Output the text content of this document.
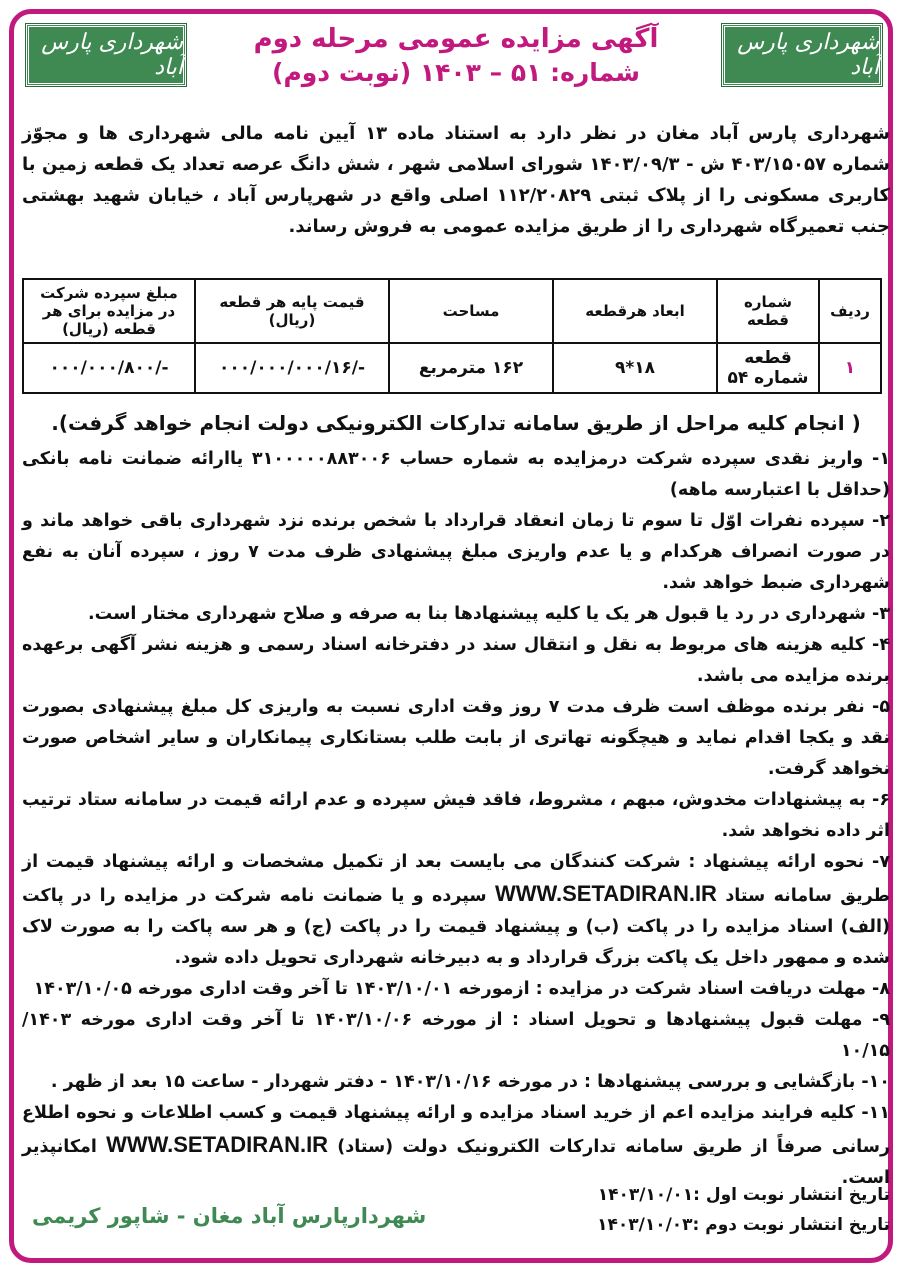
شهرداری پارس آباد
شهرداری پارس آباد
آگهی مزایده عمومی مرحله دوم
شماره: ۵۱ – ۱۴۰۳ (نوبت دوم)
شهرداری پارس آباد مغان در نظر دارد به استناد ماده ۱۳ آیین نامه مالی شهرداری ها و مجوّز شماره ۴۰۳/۱۵۰۵۷ ش - ۱۴۰۳/۰۹/۳ شورای اسلامی شهر ، شش دانگ عرصه تعداد یک قطعه زمین با کاربری مسکونی را از پلاک ثبتی ۱۱۲/۲۰۸۲۹ اصلی واقع در شهرپارس آباد ، خیابان شهید بهشتی جنب تعمیرگاه شهرداری را از طریق مزایده عمومی به فروش رساند.
ردیف	شماره قطعه	ابعاد هرقطعه	مساحت	قیمت پایه هر قطعه (ریال)	مبلغ سپرده شرکت در مزایده برای هر قطعه (ریال)
۱	قطعه شماره ۵۴	۱۸*۹	۱۶۲ مترمربع	-/۰۰۰/۰۰۰/۰۰۰/۱۶	-/۰۰۰/۰۰۰/۸۰۰
( انجام کلیه مراحل از طریق سامانه تدارکات الکترونیکی دولت انجام خواهد گرفت).

۱- واریز نقدی سپرده شرکت درمزایده به شماره حساب ۳۱۰۰۰۰۰۸۸۳۰۰۶ یاارائه ضمانت نامه بانکی (حداقل با اعتبارسه ماهه)

۲- سپرده نفرات اوّل تا سوم تا زمان انعقاد قرارداد با شخص برنده نزد شهرداری باقی خواهد ماند و در صورت انصراف هرکدام و یا عدم واریزی مبلغ پیشنهادی ظرف مدت ۷ روز ، سپرده آنان به نفع شهرداری ضبط خواهد شد.

۳- شهرداری در رد یا قبول هر یک یا کلیه پیشنهادها بنا به صرفه و صلاح شهرداری مختار است.

۴- کلیه هزینه های مربوط به نقل و انتقال سند در دفترخانه اسناد رسمی و هزینه نشر آگهی برعهده برنده مزایده می باشد.

۵- نفر برنده موظف است ظرف مدت ۷ روز وقت اداری نسبت به واریزی کل مبلغ پیشنهادی بصورت نقد و یکجا اقدام نماید و هیچگونه تهاتری از بابت طلب بستانکاری پیمانکاران و سایر اشخاص صورت نخواهد گرفت.

۶- به پیشنهادات مخدوش، مبهم ، مشروط، فاقد فیش سپرده و عدم ارائه قیمت در سامانه ستاد ترتیب اثر داده نخواهد شد.

۷- نحوه ارائه پیشنهاد : شرکت کنندگان می بایست بعد از تکمیل مشخصات و ارائه پیشنهاد قیمت از طریق سامانه ستاد WWW.SETADIRAN.IR سپرده و یا ضمانت نامه شرکت در مزایده را در پاکت (الف) اسناد مزایده را در پاکت (ب) و پیشنهاد قیمت را در پاکت (ج) و هر سه پاکت را به صورت لاک شده و ممهور داخل یک پاکت بزرگ قرارداد و به دبیرخانه شهرداری تحویل داده شود.

۸- مهلت دریافت اسناد شرکت در مزایده : ازمورخه ۱۴۰۳/۱۰/۰۱ تا آخر وقت اداری مورخه ۱۴۰۳/۱۰/۰۵

۹- مهلت قبول پیشنهادها و تحویل اسناد : از مورخه ۱۴۰۳/۱۰/۰۶ تا آخر وقت اداری مورخه ۱۴۰۳/ ۱۰/۱۵

۱۰- بازگشایی و بررسی پیشنهادها : در مورخه ۱۴۰۳/۱۰/۱۶ - دفتر شهردار - ساعت ۱۵ بعد از ظهر .

۱۱- کلیه فرایند مزایده اعم از خرید اسناد مزایده و ارائه پیشنهاد قیمت و کسب اطلاعات و نحوه اطلاع رسانی صرفاً از طریق سامانه تدارکات الکترونیک دولت (ستاد) WWW.SETADIRAN.IR امکانپذیر است.

تاریخ انتشار نوبت اول :۱۴۰۳/۱۰/۰۱
تاریخ انتشار نوبت دوم :۱۴۰۳/۱۰/۰۳
شهردارپارس آباد مغان - شاپور کریمی
